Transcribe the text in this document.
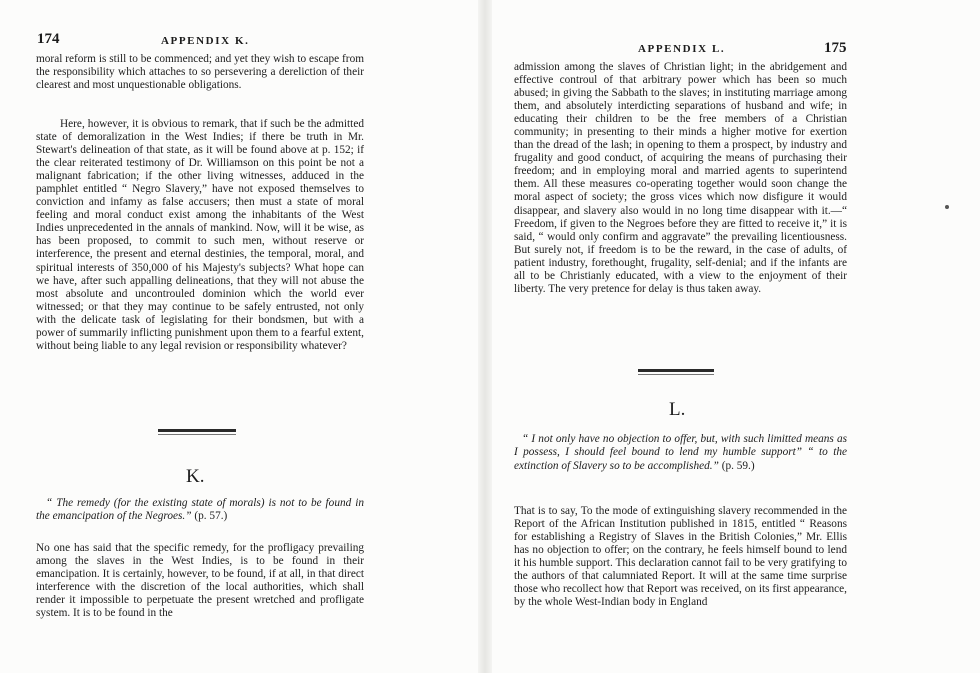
174	APPENDIX K.

moral reform is still to be commenced; and yet they wish to escape from the responsibility which attaches to so persevering a dereliction of their clearest and most unquestionable obligations.

Here, however, it is obvious to remark, that if such be the admitted state of demoralization in the West Indies; if there be truth in Mr. Stewart's delineation of that state, as it will be found above at p. 152; if the clear reiterated testimony of Dr. Williamson on this point be not a malignant fabrication; if the other living witnesses, adduced in the pamphlet entitled “ Negro Slavery,” have not exposed themselves to conviction and infamy as false accusers; then must a state of moral feeling and moral conduct exist among the inhabitants of the West Indies unprecedented in the annals of mankind. Now, will it be wise, as has been proposed, to commit to such men, without reserve or interference, the present and eternal destinies, the temporal, moral, and spiritual interests of 350,000 of his Majesty's subjects? What hope can we have, after such appalling delineations, that they will not abuse the most absolute and uncontrouled dominion which the world ever witnessed; or that they may continue to be safely entrusted, not only with the delicate task of legislating for their bondsmen, but with a power of summarily inflicting punishment upon them to a fearful extent, without being liable to any legal revision or responsibility whatever?

K.

“ The remedy (for the existing state of morals) is not to be found in the emancipation of the Negroes.” (p. 57.)

No one has said that the specific remedy, for the profligacy prevailing among the slaves in the West Indies, is to be found in their emancipation. It is certainly, however, to be found, if at all, in that direct interference with the discretion of the local authorities, which shall render it impossible to perpetuate the present wretched and profligate system. It is to be found in the

APPENDIX L.	175

admission among the slaves of Christian light; in the abridgement and effective controul of that arbitrary power which has been so much abused; in giving the Sabbath to the slaves; in instituting marriage among them, and absolutely interdicting separations of husband and wife; in educating their children to be the free members of a Christian community; in presenting to their minds a higher motive for exertion than the dread of the lash; in opening to them a prospect, by industry and frugality and good conduct, of acquiring the means of purchasing their freedom; and in employing moral and married agents to superintend them. All these measures co-operating together would soon change the moral aspect of society; the gross vices which now disfigure it would disappear, and slavery also would in no long time disappear with it.—“ Freedom, if given to the Negroes before they are fitted to receive it,” it is said, “ would only confirm and aggravate” the prevailing licentiousness. But surely not, if freedom is to be the reward, in the case of adults, of patient industry, forethought, frugality, self-denial; and if the infants are all to be Christianly educated, with a view to the enjoyment of their liberty. The very pretence for delay is thus taken away.

L.

“ I not only have no objection to offer, but, with such limitted means as I possess, I should feel bound to lend my humble support” “ to the extinction of Slavery so to be accomplished.” (p. 59.)

That is to say, To the mode of extinguishing slavery recommended in the Report of the African Institution published in 1815, entitled “ Reasons for establishing a Registry of Slaves in the British Colonies,” Mr. Ellis has no objection to offer; on the contrary, he feels himself bound to lend it his humble support. This declaration cannot fail to be very gratifying to the authors of that calumniated Report. It will at the same time surprise those who recollect how that Report was received, on its first appearance, by the whole West-Indian body in England
